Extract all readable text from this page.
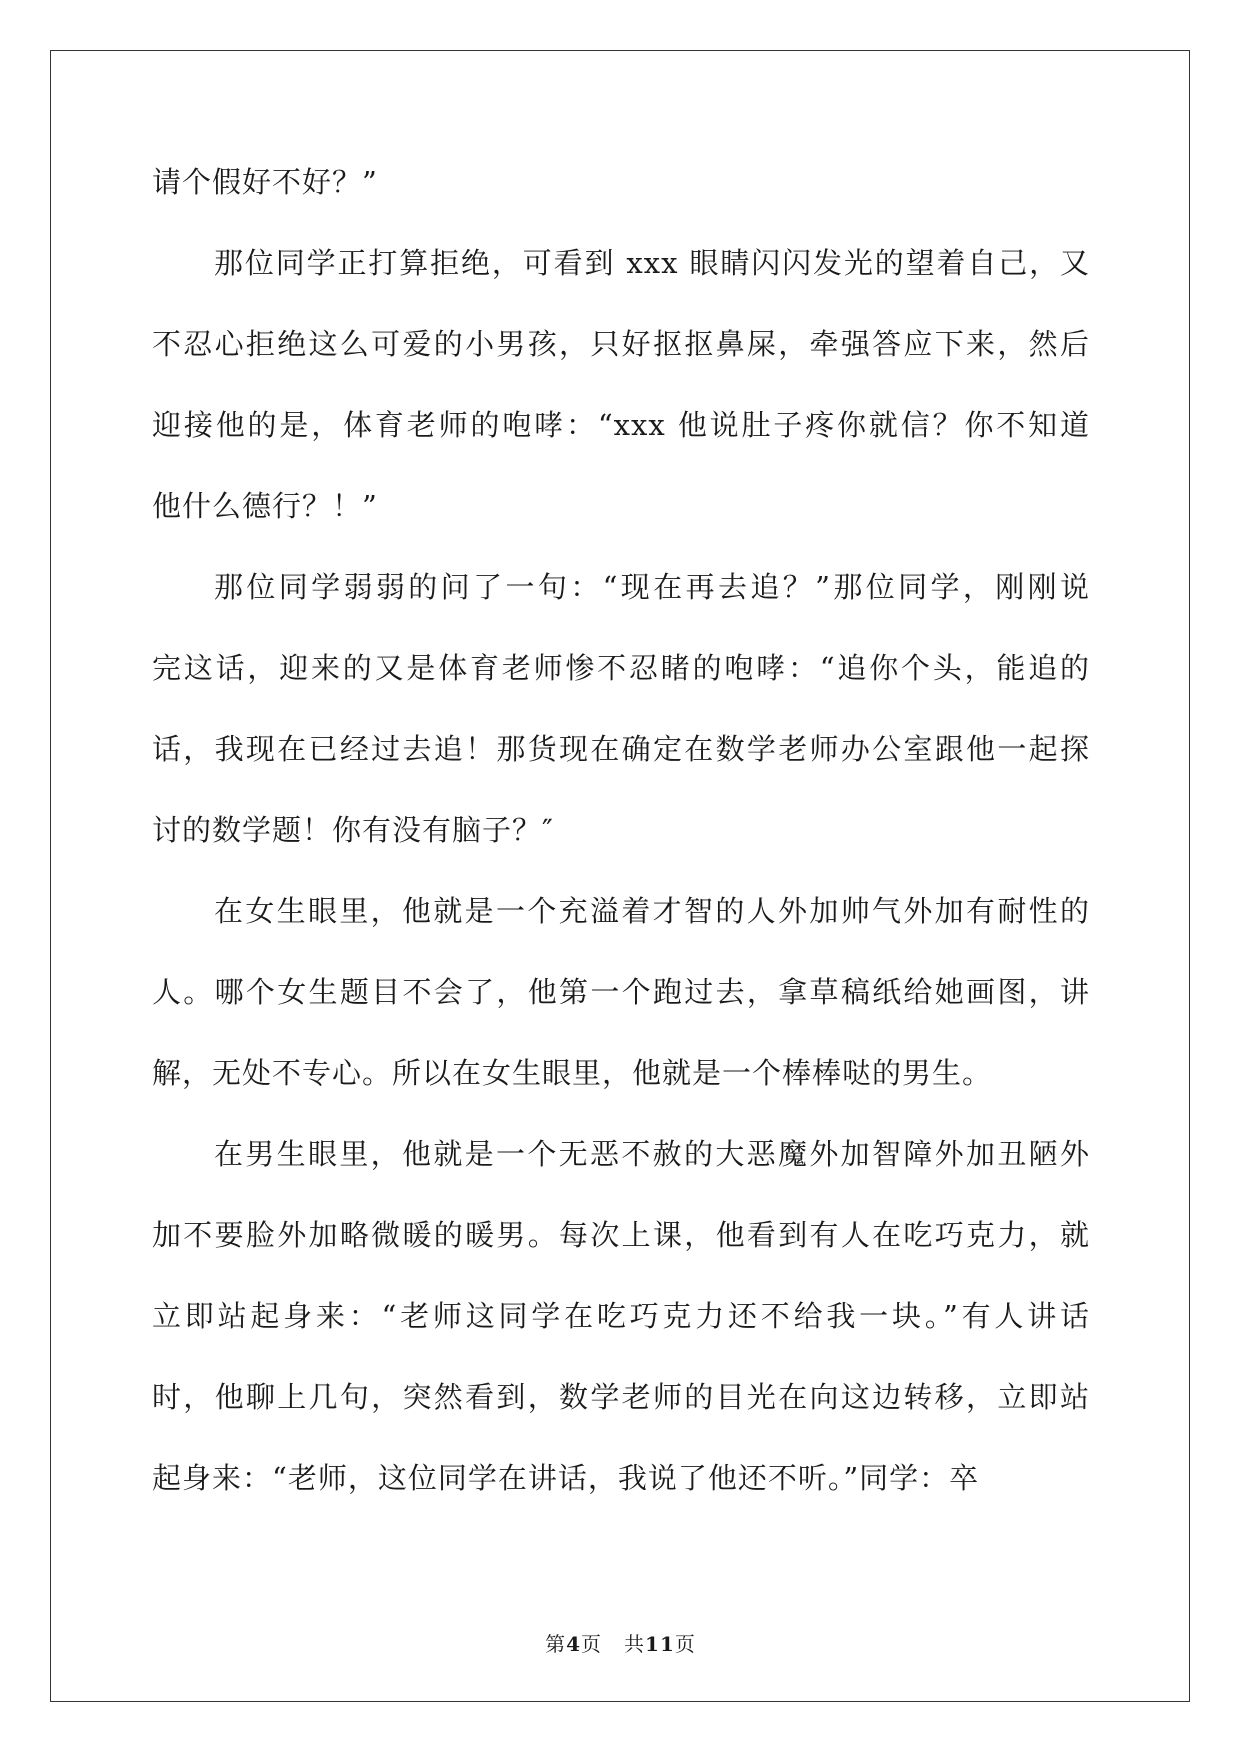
请个假好不好？”
那位同学正打算拒绝，可看到 xxx 眼睛闪闪发光的望着自己，又
不忍心拒绝这么可爱的小男孩，只好抠抠鼻屎，牵强答应下来，然后
迎接他的是，体育老师的咆哮：“xxx 他说肚子疼你就信？你不知道
他什么德行？！”
那位同学弱弱的问了一句：“现在再去追？”那位同学，刚刚说
完这话，迎来的又是体育老师惨不忍睹的咆哮：“追你个头，能追的
话，我现在已经过去追！那货现在确定在数学老师办公室跟他一起探
讨的数学题！你有没有脑子？″
在女生眼里，他就是一个充溢着才智的人外加帅气外加有耐性的
人。哪个女生题目不会了，他第一个跑过去，拿草稿纸给她画图，讲
解，无处不专心。所以在女生眼里，他就是一个棒棒哒的男生。
在男生眼里，他就是一个无恶不赦的大恶魔外加智障外加丑陋外
加不要脸外加略微暖的暖男。每次上课，他看到有人在吃巧克力，就
立即站起身来：“老师这同学在吃巧克力还不给我一块。”有人讲话
时，他聊上几句，突然看到，数学老师的目光在向这边转移，立即站
起身来：“老师，这位同学在讲话，我说了他还不听。”同学：卒
第4页 共11页
